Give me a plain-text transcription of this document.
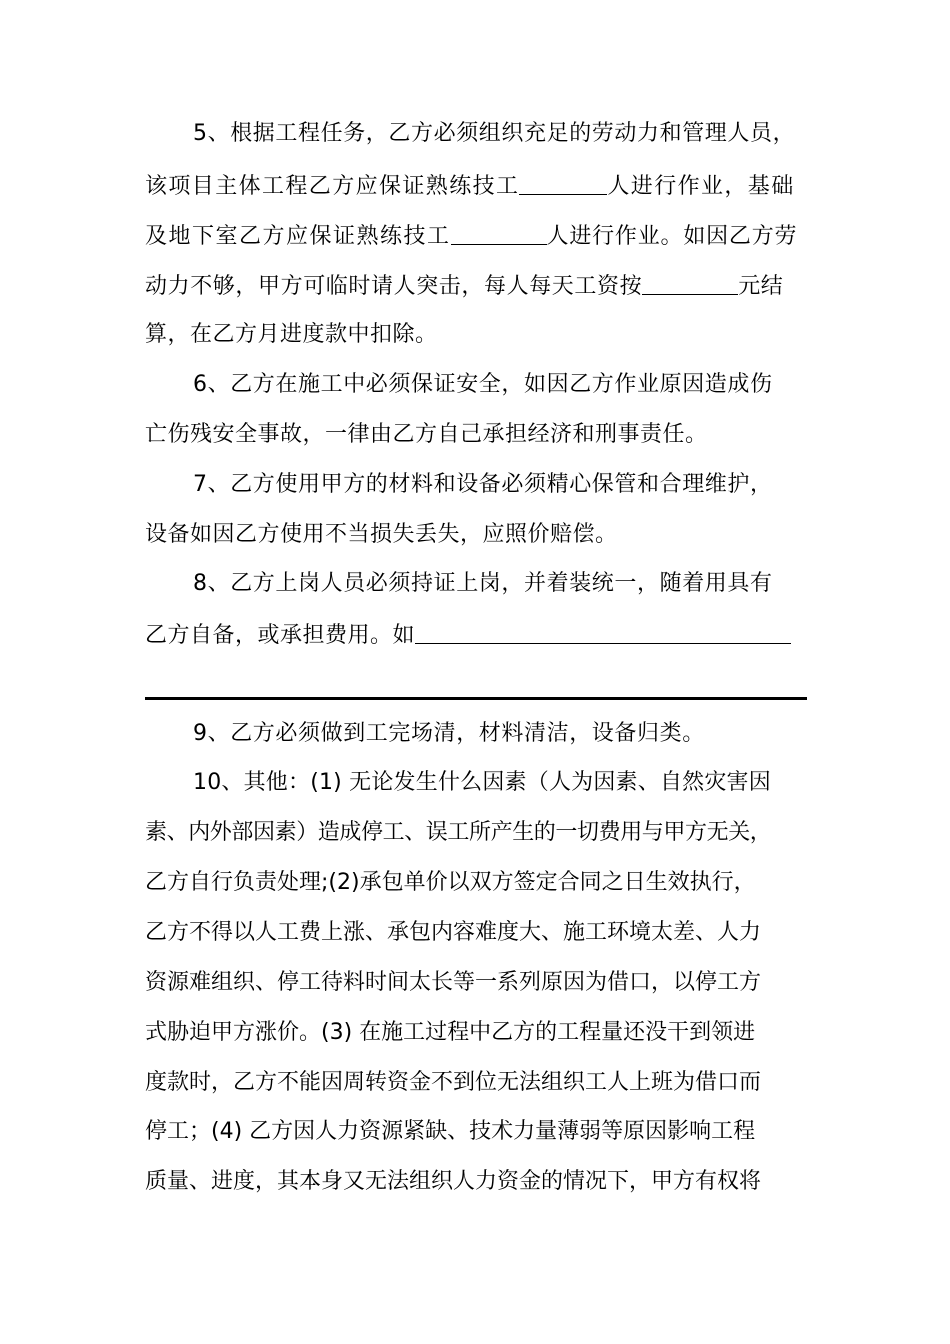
5、根据工程任务，乙方必须组织充足的劳动力和管理人员，
该项目主体工程乙方应保证熟练技工	人进行作业，基础
及地下室乙方应保证熟练技工	人进行作业。如因乙方劳
动力不够，甲方可临时请人突击，每人每天工资按	元结
算，在乙方月进度款中扣除。
6、乙方在施工中必须保证安全，如因乙方作业原因造成伤
亡伤残安全事故，一律由乙方自己承担经济和刑事责任。
7、乙方使用甲方的材料和设备必须精心保管和合理维护，
设备如因乙方使用不当损失丢失，应照价赔偿。
8、乙方上岗人员必须持证上岗，并着装统一，随着用具有
乙方自备，或承担费用。如
9、乙方必须做到工完场清，材料清洁，设备归类。
10、其他：(1) 无论发生什么因素（人为因素、自然灾害因
素、内外部因素）造成停工、误工所产生的一切费用与甲方无关，
乙方自行负责处理;(2)承包单价以双方签定合同之日生效执行，
乙方不得以人工费上涨、承包内容难度大、施工环境太差、人力
资源难组织、停工待料时间太长等一系列原因为借口，以停工方
式胁迫甲方涨价。(3) 在施工过程中乙方的工程量还没干到领进
度款时，乙方不能因周转资金不到位无法组织工人上班为借口而
停工；(4) 乙方因人力资源紧缺、技术力量薄弱等原因影响工程
质量、进度，其本身又无法组织人力资金的情况下，甲方有权将
